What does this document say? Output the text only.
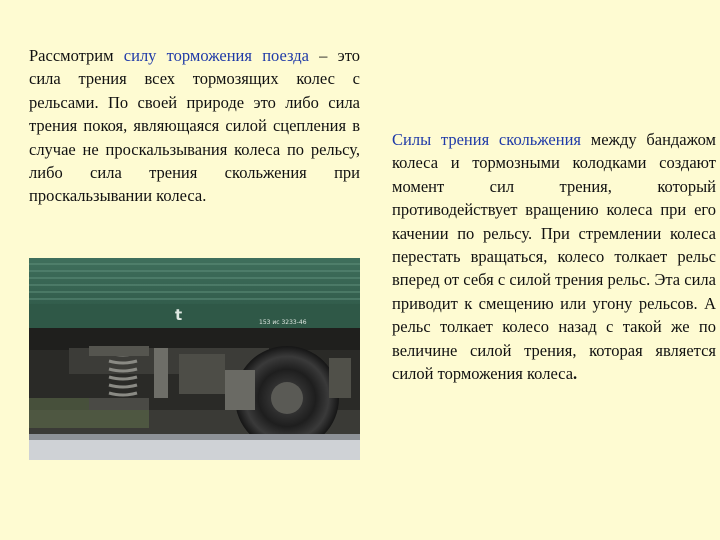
Рассмотрим силу торможения поезда – это сила трения всех тормозящих колес с рельсами. По своей природе это либо сила трения покоя, являющаяся силой сцепления в случае не проскальзывания колеса по рельсу, либо сила трения скольжения при проскальзывании колеса.
t	153 ис 3233-46
Силы трения скольжения между бандажом колеса и тормозными колодками создают момент сил трения, который противодействует вращению колеса при его качении по рельсу. При стремлении колеса перестать вращаться, колесо толкает рельс вперед от себя с силой трения рельс. Эта сила приводит к смещению или угону рельсов. А рельс толкает колесо назад с такой же по величине силой трения, которая является силой торможения колеса.
